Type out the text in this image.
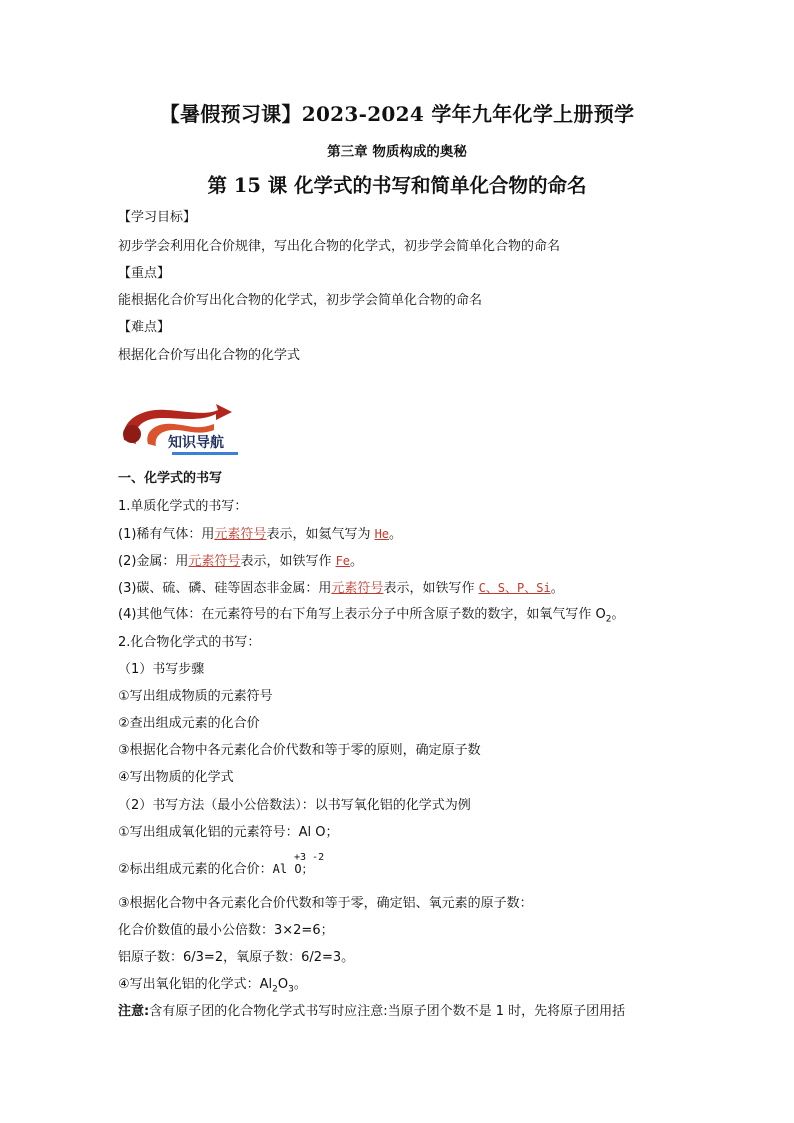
【暑假预习课】2023-2024 学年九年化学上册预学
第三章 物质构成的奥秘
第 15 课 化学式的书写和简单化合物的命名
【学习目标】
初步学会利用化合价规律，写出化合物的化学式，初步学会简单化合物的命名
【重点】
能根据化合价写出化合物的化学式，初步学会简单化合物的命名
【难点】
根据化合价写出化合物的化学式
知识导航
一、化学式的书写
1.单质化学式的书写：
(1)稀有气体：用元素符号表示，如氦气写为 He。
(2)金属：用元素符号表示，如铁写作 Fe。
(3)碳、硫、磷、硅等固态非金属：用元素符号表示，如铁写作 C、S、P、Si。
(4)其他气体：在元素符号的右下角写上表示分子中所含原子数的数字，如氧气写作 $O_2$。
2.化合物化学式的书写：
（1）书写步骤
①写出组成物质的元素符号
②查出组成元素的化合价
③根据化合物中各元素化合价代数和等于零的原则，确定原子数
④写出物质的化学式
（2）书写方法（最小公倍数法）：以书写氧化铝的化学式为例
①写出组成氧化铝的元素符号：Al O；
②标出组成元素的化合价：Al O；
+3 -2
③根据化合物中各元素化合价代数和等于零，确定铝、氧元素的原子数：
化合价数值的最小公倍数：3×2=6；
铝原子数：6/3=2，氧原子数：6/2=3。
④写出氧化铝的化学式：$Al_2O_3$。
注意:含有原子团的化合物化学式书写时应注意:当原子团个数不是 1 时，先将原子团用括
